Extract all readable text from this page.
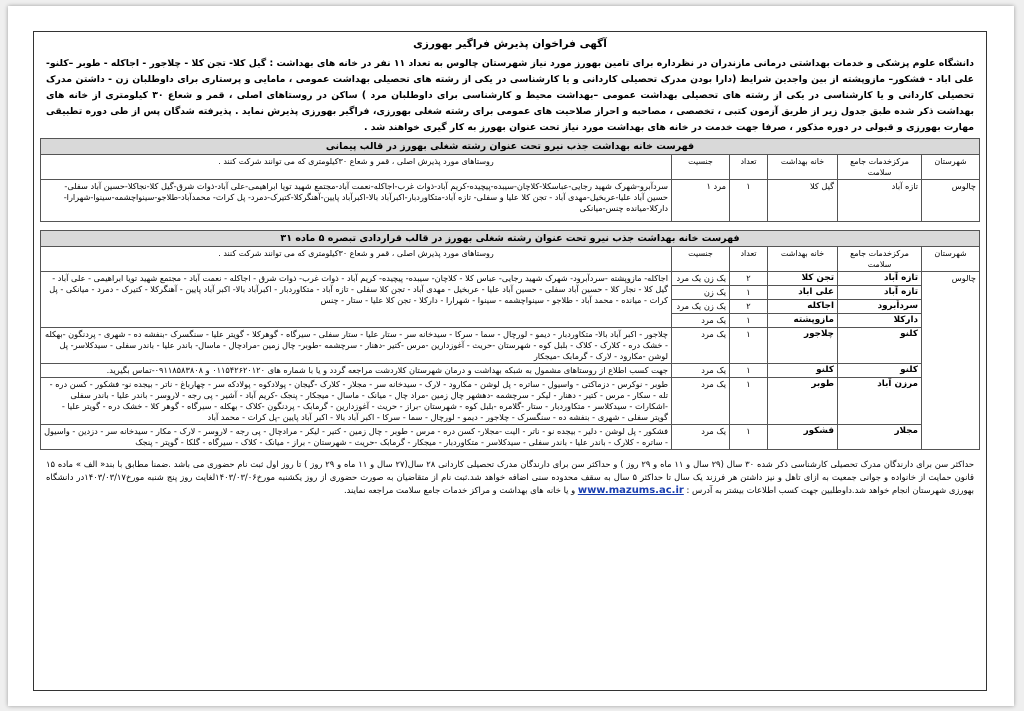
آگهی فراخوان پذیرش فراگیر بهورزی
دانشگاه علوم پزشکی و خدمات بهداشتی درمانی مازندران در نظرداره برای تامین بهورز مورد نیاز شهرستان چالوس به تعداد ۱۱ نفر در خانه های بهداشت : گیل کلا- تجن کلا - چلاجور - اجاکله - طوبر –کلنو- علی اباد - فشکور– مازوپشته از بین واجدین شرایط (دارا بودن مدرک تحصیلی کاردانی و یا کارشناسی در یکی از رشته های تحصیلی بهداشت عمومی ، مامایی و پرستاری برای داوطلبان زن - داشتن مدرک تحصیلی کاردانی و یا کارشناسی در یکی از رشته های تحصیلی بهداشت عمومی –بهداشت محیط و کارشناسی برای داوطلبان مرد ) ساکن در روستاهای اصلی ، قمر و شعاع ۳۰ کیلومتری از خانه های بهداشت ذکر شده طبق جدول زیر از طریق آزمون کتبی ، تخصصی ، مصاحبه و احراز صلاحیت های عمومی برای رشته شغلی بهورزی، فراگیر بهورزی پذیرش نماید . پذیرفته شدگان پس از طی دوره تطبیقی مهارت بهورزی و قبولی در دوره مذکور ، صرفا جهت خدمت در خانه های بهداشت مورد نیاز تحت عنوان بهورز به کار گیری خواهند شد .
فهرست خانه بهداشت جذب نیرو تحت عنوان رشته شغلی بهورز در قالب پیمانی					
شهرستان	مرکزخدمات جامع سلامت	خانه بهداشت	تعداد	جنسیت	روستاهای مورد پذیرش اصلی ، قمر و شعاع ۳۰کیلومتری که می توانند شرکت کنند .
چالوس	تازه آباد	گیل کلا	۱	مرد ۱	سردآبرو-شهرک شهید رجایی-عباسکلا-کلاچان-سیبده-پیچیده-کریم آباد-ذوات غرب-اجاکله-نعمت آباد-مجتمع شهید تویا ابراهیمی-علی آباد-ذوات شرق-گیل کلا-نجاکلا-حسین آباد سفلی-حسین آباد علیا-عربخیل-مهدی آباد - تجن کلا علیا و سفلی- تازه آباد-متکاوردبار-اکبرآباد بالا-اکبرآباد پایین-آهنگرکلا-کتیرک-دمرد- پل کرات- محمدآباد-طلاجو-سینواچشمه-سینوا-شهرارا-دارکلا-میانده چنس-میانکی
فهرست خانه بهداشت جذب نیرو تحت عنوان رشته شغلی بهورز در قالب قراردادی تبصره ۵ ماده ۳۱					
شهرستان	مرکزخدمات جامع سلامت	خانه بهداشت	تعداد	جنسیت	روستاهای مورد پذیرش اصلی ، قمر و شعاع ۳۰کیلومتری که می توانند شرکت کنند .
چالوس	تازه آباد	تجن کلا	۲	یک زن یک مرد	اجاکله- مازوپشته -سردآبرود- شهرک شهید رجایی- عباس کلا - کلاچان- سیبده- پیچیده- کریم آباد - ذوات غرب- ذوات شرق - اجاکله - نعمت آباد - مجتمع شهید تویا ابراهیمی - علی آباد - گیل کلا - نجار کلا - حسین آباد سفلی - حسین آباد علیا - عربخیل - مهدی آباد - تجن کلا سفلی - تازه آباد - متکاوردبار - اکبرآباد بالا- اکبر آباد پایین - آهنگرکلا - کتیرک - دمرد - میانکی - پل کرات - میانده - محمد آباد - طلاجو - سینواچشمه - سینوا - شهرارا - دارکلا - تجن کلا علیا - ستار - چنس
	تازه آباد	علی اباد	۱	یک زن	
	سرداَبرود	اجاکله	۲	یک زن یک مرد	
	دارکلا	مازوپشته	۱	یک مرد	
	کلنو	چلاجور	۱	یک مرد	چلاجور - اکبر آباد بالا- متکاوردبار - دیمو - لورچال - سما - سرکا - سیدخانه سر - ستار علیا - ستار سفلی - سیرگاه - گوهرکلا - گویتر علیا - سنگسرک -بنفشه ده - شهری - پردنگون -بهکله - خشک دره - کلارک - کلاک - بلبل کوه - شهرستان -حریث - آغوزدارین -مرس -کتیر -دهنار - سرچشمه -طوبر- چال زمین -مرادچال - ماسال- باندر علیا - باندر سفلی - سیدکلاسر- پل لوشن -مکارود - لارک - گرمابک -میجکار
	کلنو	کلنو	۱	یک مرد	جهت کسب اطلاع از روستاهای مشمول به شبکه بهداشت و درمان شهرستان کلاردشت مراجعه گردد و یا با شماره های ۰۱۱۵۴۲۶۲۰۱۲۰ و ۰۹۱۱۸۵۸۳۸۰۸-تماس بگیرید.
	مرزن آباد	طوبر	۱	یک مرد	طوبر - نوکرس - دزماکتی - واسیول - ساتره - پل لوشن - مکارود - لارک - سیدخانه سر - مجلار - کلارک -گیجان - پولادکوه - پولادکه سر - چهارباغ - ناتر - بیجده نو- فشکور - کسن دره - تله - سکار - مرس - کتیر - دهنار - لیکر - سرچشمه -دهشهر چال زمین -مراد چال - میانک - ماسال - میجکار - پنجک -کریم آباد - آشیر - پی رجه - لاروسر - باندر علیا - باندر سفلی -اشکارات - سیدکلاسر - متکاوردبار - ستار -گلامره -بلبل کوه - شهرستان -براز - حریث - آغوزدارین - گرمابک - پردنگون -کلاک - بهکله - سیرگاه - گوهر کلا - خشک دره - گویتر علیا - گویتر سفلی - شهری - بنفشه ده - سنگسرک - چلاجور - دیمو - لورچال - سما - سرکا - اکبر آباد بالا - اکبر آباد پایین -پل کرات - محمد آباد
	مجلار	فشکور	۱	یک مرد	فشکور - پل لوشن - دلیر - بیجده نو - ناتر - الیت -مجلار- کسن دره - مرس - طوبر - چال زمین - کتیر - لیکر - مرادچال - پی رجه - لاروسر - لارک - مکار - سیدخانه سر - دزدین - واسیول - ساتره - کلارک - باندر علیا - باندر سفلی - سیدکلاسر - متکاوردبار - میجکار - گرمابک -حریث - شهرستان - براز - میانک - کلاک - سیرگاه - گلکا - گویتر - پنجک
حداکثر سن برای دارندگان مدرک تحصیلی کارشناسی ذکر شده ۳۰ سال (۲۹ سال و ۱۱ ماه و ۲۹ روز ) و حداکثر سن برای دارندگان مدرک تحصیلی کاردانی ۲۸ سال(۲۷ سال و ۱۱ ماه و ۲۹ روز ) تا روز اول ثبت نام حضوری می باشد .ضمنا مطابق با بند« الف » ماده ۱۵ قانون حمایت از خانواده و جوانی جمعیت به ازای تاهل و نیز داشتن هر فرزند یک سال تا حداکثر ۵ سال به سقف محدوده سنی اضافه خواهد شد.ثبت نام از متقاضیان به صورت حضوری از روز یکشنبه مورخ۱۴۰۳/۰۳/۰۶لغایت روز پنج شنبه مورخ۱۴۰۳/۰۳/۱۷در دانشگاه بهورزی شهرستان انجام خواهد شد.داوطلبین جهت کسب اطلاعات بیشتر به آدرس : www.mazums.ac.ir و یا خانه های بهداشت و مراکز خدمات جامع سلامت مراجعه نمایند.
